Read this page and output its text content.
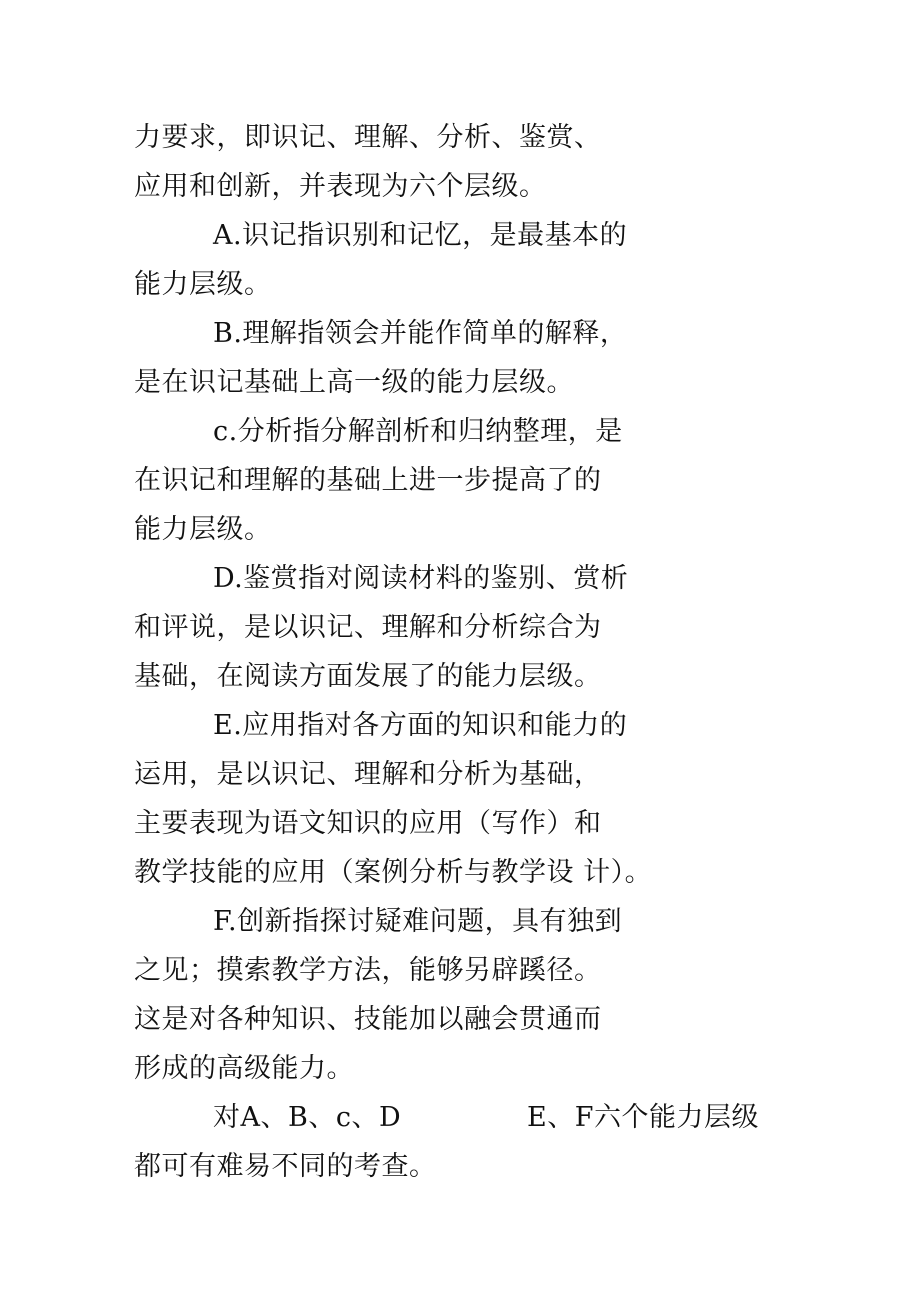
力要求，即识记、理解、分析、鉴赏、
应用和创新，并表现为六个层级。
A.识记指识别和记忆，是最基本的
能力层级。
B.理解指领会并能作简单的解释，
是在识记基础上高一级的能力层级。
c.分析指分解剖析和归纳整理，是
在识记和理解的基础上进一步提高了的
能力层级。
D.鉴赏指对阅读材料的鉴别、赏析
和评说，是以识记、理解和分析综合为
基础，在阅读方面发展了的能力层级。
E.应用指对各方面的知识和能力的
运用，是以识记、理解和分析为基础，
主要表现为语文知识的应用（写作）和
教学技能的应用（案例分析与教学设 计）。
F.创新指探讨疑难问题，具有独到
之见；摸索教学方法，能够另辟蹊径。
这是对各种知识、技能加以融会贯通而
形成的高级能力。
对A、B、c、D	E、F六个能力层级
都可有难易不同的考查。
